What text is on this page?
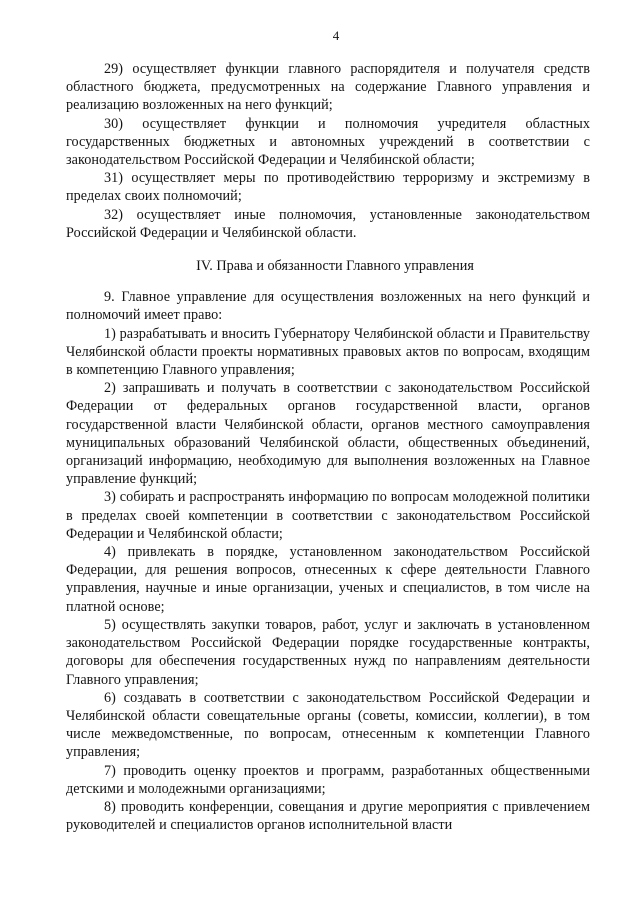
4

29) осуществляет функции главного распорядителя и получателя средств областного бюджета, предусмотренных на содержание Главного управления и реализацию возложенных на него функций;

30) осуществляет функции и полномочия учредителя областных государственных бюджетных и автономных учреждений в соответствии с законодательством Российской Федерации и Челябинской области;

31) осуществляет меры по противодействию терроризму и экстремизму в пределах своих полномочий;

32) осуществляет иные полномочия, установленные законодательством Российской Федерации и Челябинской области.

IV. Права и обязанности Главного управления

9. Главное управление для осуществления возложенных на него функций и полномочий имеет право:

1) разрабатывать и вносить Губернатору Челябинской области и Правительству Челябинской области проекты нормативных правовых актов по вопросам, входящим в компетенцию Главного управления;

2) запрашивать и получать в соответствии с законодательством Российской Федерации от федеральных органов государственной власти, органов государственной власти Челябинской области, органов местного самоуправления муниципальных образований Челябинской области, общественных объединений, организаций информацию, необходимую для выполнения возложенных на Главное управление функций;

3) собирать и распространять информацию по вопросам молодежной политики в пределах своей компетенции в соответствии с законодательством Российской Федерации и Челябинской области;

4) привлекать в порядке, установленном законодательством Российской Федерации, для решения вопросов, отнесенных к сфере деятельности Главного управления, научные и иные организации, ученых и специалистов, в том числе на платной основе;

5) осуществлять закупки товаров, работ, услуг и заключать в установленном законодательством Российской Федерации порядке государственные контракты, договоры для обеспечения государственных нужд по направлениям деятельности Главного управления;

6) создавать в соответствии с законодательством Российской Федерации и Челябинской области совещательные органы (советы, комиссии, коллегии), в том числе межведомственные, по вопросам, отнесенным к компетенции Главного управления;

7) проводить оценку проектов и программ, разработанных общественными детскими и молодежными организациями;

8) проводить конференции, совещания и другие мероприятия с привлечением руководителей и специалистов органов исполнительной власти
